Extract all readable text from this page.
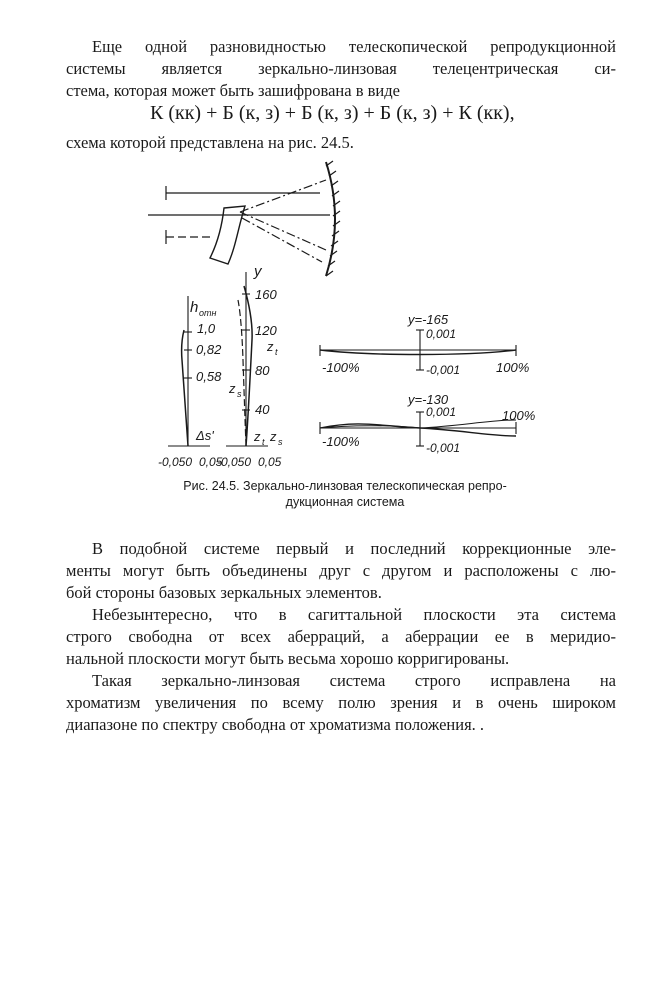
Еще одной разновидностью телескопической репродукционной
системы является зеркально-линзовая телецентрическая си-
стема, которая может быть зашифрована в виде
К (кк) + Б (к, з) + Б (к, з) + Б (к, з) + К (кк),
схема которой представлена на рис. 24.5.
h отн
1,0
0,82
0,58
Δs'
-0,050 0,05
y
160
120
80
40
z t
z s
z t z s
-0,050 0,05
y=-165
0,001
-0,001
-100%	100%
y=-130
0,001
-0,001
-100%
100%
Рис. 24.5. Зеркально-линзовая телескопическая репро-
дукционная система
В подобной системе первый и последний коррекционные эле-
менты могут быть объединены друг с другом и расположены с лю-
бой стороны базовых зеркальных элементов.
Небезынтересно, что в сагиттальной плоскости эта система
строго свободна от всех аберраций, а аберрации ее в меридио-
нальной плоскости могут быть весьма хорошо корригированы.
Такая зеркально-линзовая система строго исправлена на
хроматизм увеличения по всему полю зрения и в очень широком
диапазоне по спектру свободна от хроматизма положения. .
